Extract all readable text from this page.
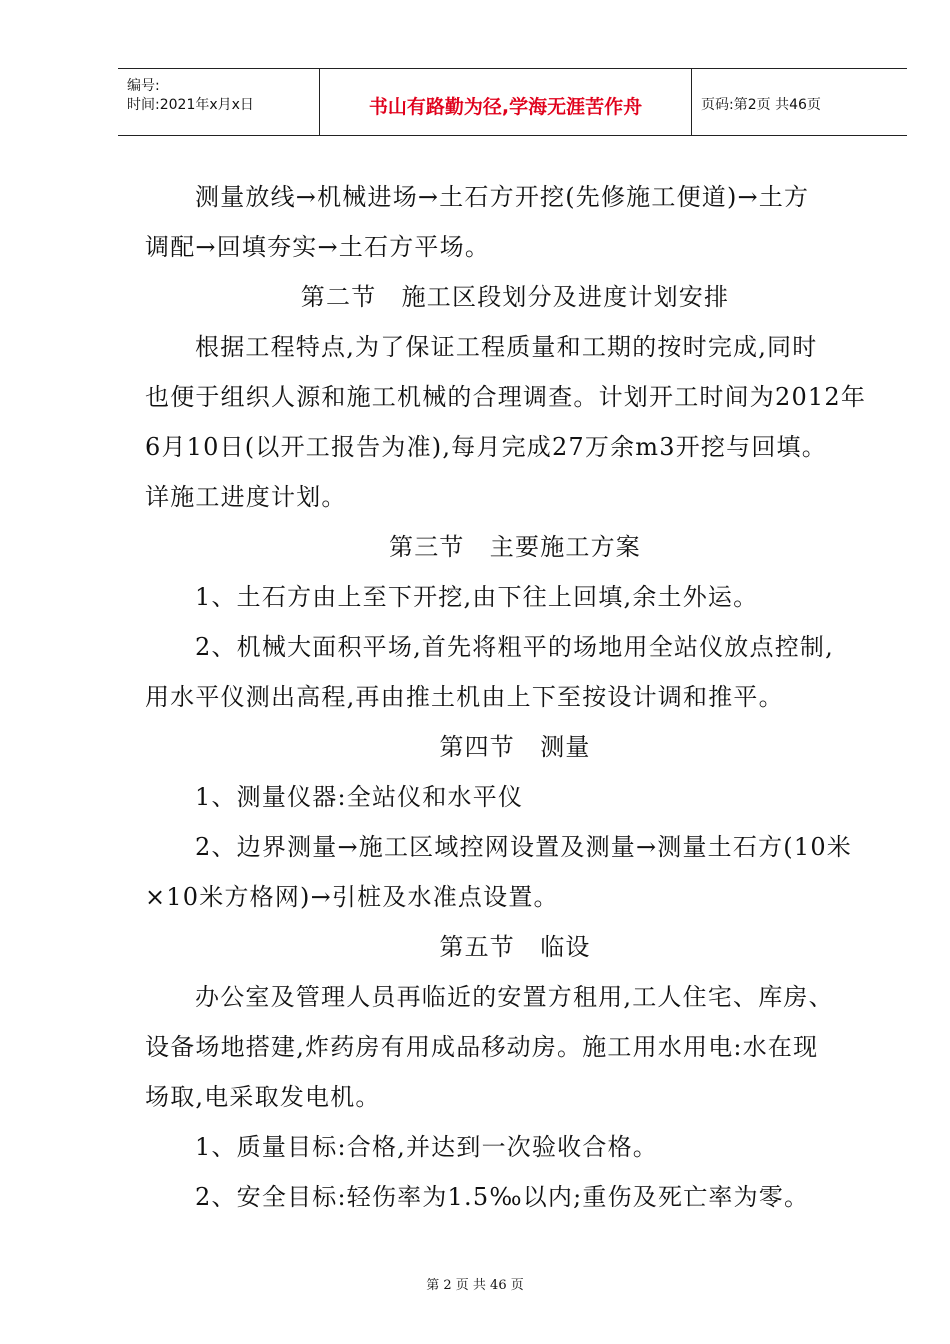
编号:
时间:2021年x月x日	书山有路勤为径,学海无涯苦作舟	页码:第2页 共46页
测量放线→机械进场→土石方开挖(先修施工便道)→土方
调配→回填夯实→土石方平场。
第二节　施工区段划分及进度计划安排
根据工程特点,为了保证工程质量和工期的按时完成,同时
也便于组织人源和施工机械的合理调查。计划开工时间为2012年
6月10日(以开工报告为准),每月完成27万余m3开挖与回填。
详施工进度计划。
第三节　主要施工方案
1、土石方由上至下开挖,由下往上回填,余土外运。
2、机械大面积平场,首先将粗平的场地用全站仪放点控制,
用水平仪测出高程,再由推土机由上下至按设计调和推平。
第四节　测量
1、测量仪器:全站仪和水平仪
2、边界测量→施工区域控网设置及测量→测量土石方(10米
×10米方格网)→引桩及水准点设置。
第五节　临设
办公室及管理人员再临近的安置方租用,工人住宅、库房、
设备场地搭建,炸药房有用成品移动房。施工用水用电:水在现
场取,电采取发电机。
1、质量目标:合格,并达到一次验收合格。
2、安全目标:轻伤率为1.5‰以内;重伤及死亡率为零。
第 2 页 共 46 页
